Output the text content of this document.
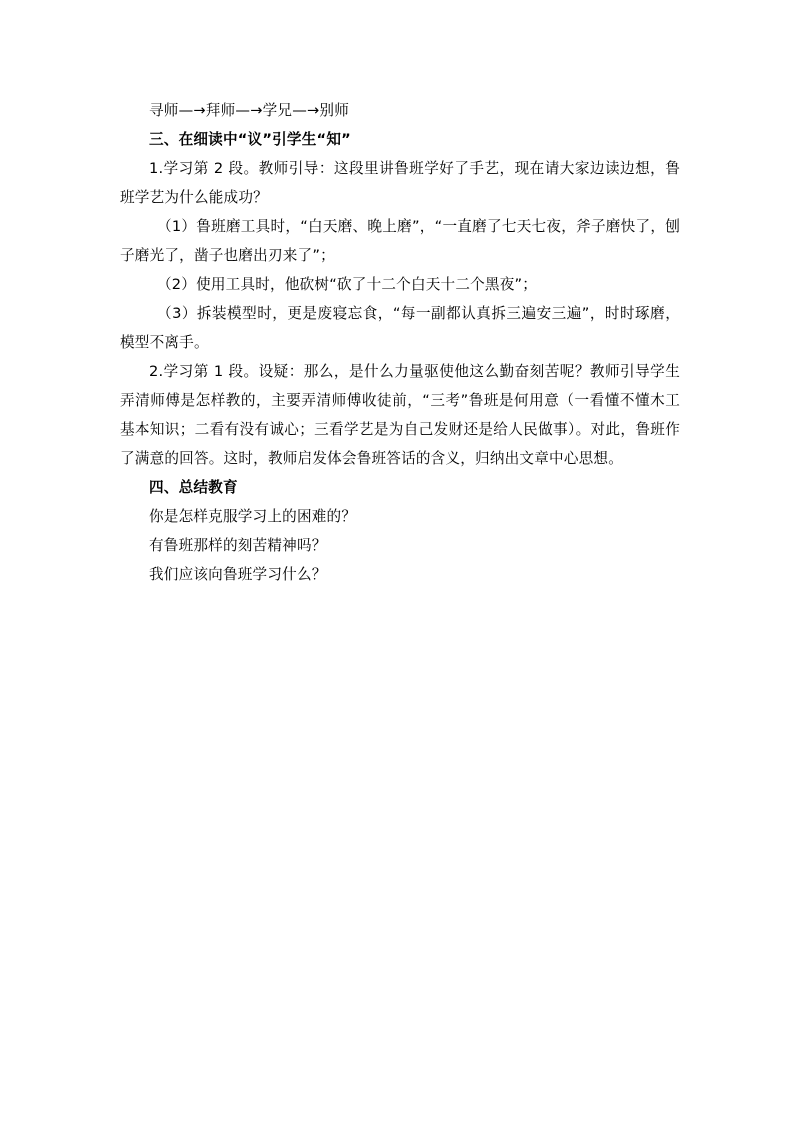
寻师—→拜师—→学兄—→别师

三、在细读中“议”引学生“知”

1.学习第 2 段。教师引导：这段里讲鲁班学好了手艺，现在请大家边读边想，鲁班学艺为什么能成功？

（1）鲁班磨工具时，“白天磨、晚上磨”，“一直磨了七天七夜，斧子磨快了，刨子磨光了，凿子也磨出刃来了”；

（2）使用工具时，他砍树“砍了十二个白天十二个黑夜”；

（3）拆装模型时，更是废寝忘食，“每一副都认真拆三遍安三遍”，时时琢磨，模型不离手。

2.学习第 1 段。设疑：那么，是什么力量驱使他这么勤奋刻苦呢？教师引导学生弄清师傅是怎样教的，主要弄清师傅收徒前，“三考”鲁班是何用意（一看懂不懂木工基本知识；二看有没有诚心；三看学艺是为自己发财还是给人民做事）。对此，鲁班作了满意的回答。这时，教师启发体会鲁班答话的含义，归纳出文章中心思想。

四、总结教育

你是怎样克服学习上的困难的？

有鲁班那样的刻苦精神吗？

我们应该向鲁班学习什么？
